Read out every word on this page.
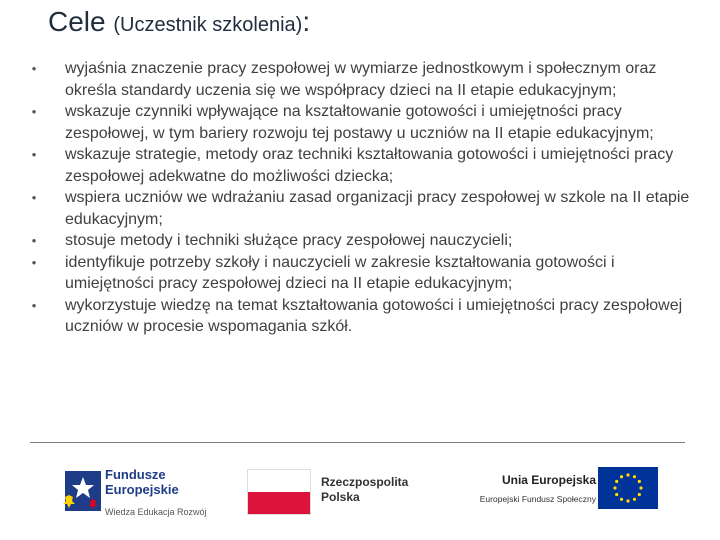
Cele (Uczestnik szkolenia):
• wyjaśnia znaczenie pracy zespołowej w wymiarze jednostkowym i społecznym oraz określa standardy uczenia się we współpracy dzieci na II etapie edukacyjnym;
• wskazuje czynniki wpływające na kształtowanie gotowości i umiejętności pracy zespołowej, w tym bariery rozwoju tej postawy u uczniów na II etapie edukacyjnym;
• wskazuje strategie, metody oraz techniki kształtowania gotowości i umiejętności pracy zespołowej adekwatne do możliwości dziecka;
• wspiera uczniów we wdrażaniu zasad organizacji pracy zespołowej w szkole na II etapie edukacyjnym;
• stosuje metody i techniki służące pracy zespołowej nauczycieli;
• identyfikuje potrzeby szkoły i nauczycieli w zakresie kształtowania gotowości i umiejętności pracy zespołowej dzieci na II etapie edukacyjnym;
• wykorzystuje wiedzę na temat kształtowania gotowości i umiejętności pracy zespołowej uczniów w procesie wspomagania szkół.
Fundusze
Europejskie
Wiedza Edukacja Rozwój
Rzeczpospolita
Polska
Unia Europejska
Europejski Fundusz Społeczny
